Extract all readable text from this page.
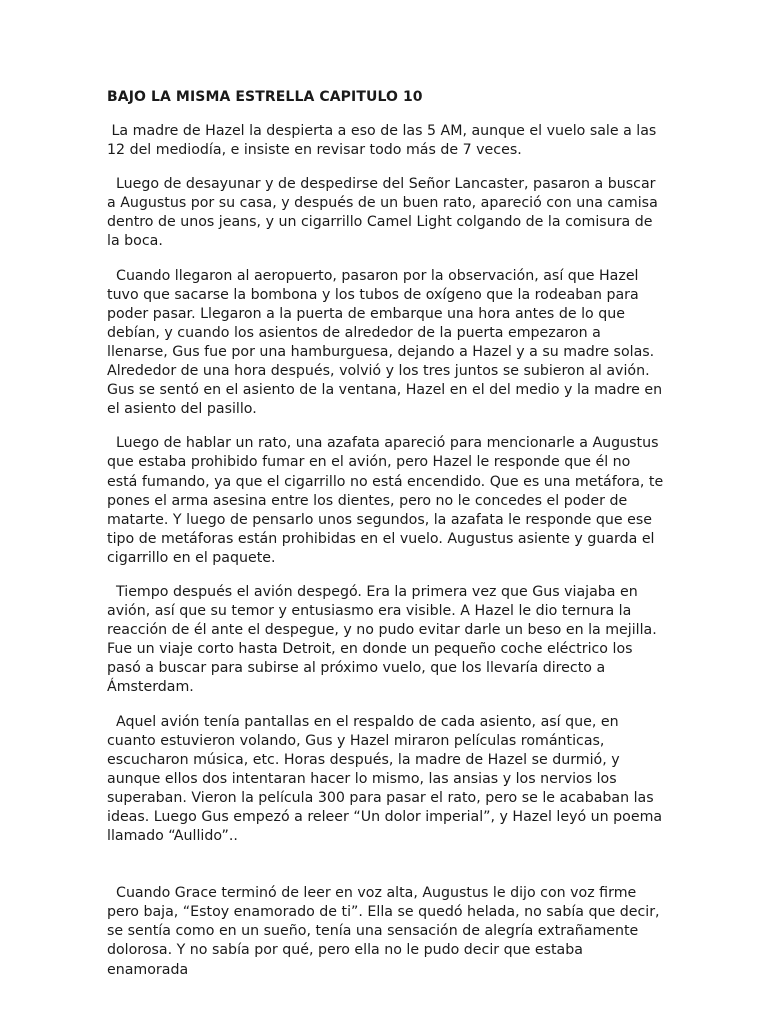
BAJO LA MISMA ESTRELLA CAPITULO 10

La madre de Hazel la despierta a eso de las 5 AM, aunque el vuelo sale a las 12 del mediodía, e insiste en revisar todo más de 7 veces.

Luego de desayunar y de despedirse del Señor Lancaster, pasaron a buscar a Augustus por su casa, y después de un buen rato, apareció con una camisa dentro de unos jeans, y un cigarrillo Camel Light colgando de la comisura de la boca.

Cuando llegaron al aeropuerto, pasaron por la observación, así que Hazel tuvo que sacarse la bombona y los tubos de oxígeno que la rodeaban para poder pasar. Llegaron a la puerta de embarque una hora antes de lo que debían, y cuando los asientos de alrededor de la puerta empezaron a llenarse, Gus fue por una hamburguesa, dejando a Hazel y a su madre solas. Alrededor de una hora después, volvió y los tres juntos se subieron al avión. Gus se sentó en el asiento de la ventana, Hazel en el del medio y la madre en el asiento del pasillo.

Luego de hablar un rato, una azafata apareció para mencionarle a Augustus que estaba prohibido fumar en el avión, pero Hazel le responde que él no está fumando, ya que el cigarrillo no está encendido. Que es una metáfora, te pones el arma asesina entre los dientes, pero no le concedes el poder de matarte. Y luego de pensarlo unos segundos, la azafata le responde que ese tipo de metáforas están prohibidas en el vuelo. Augustus asiente y guarda el cigarrillo en el paquete.

Tiempo después el avión despegó. Era la primera vez que Gus viajaba en avión, así que su temor y entusiasmo era visible. A Hazel le dio ternura la reacción de él ante el despegue, y no pudo evitar darle un beso en la mejilla. Fue un viaje corto hasta Detroit, en donde un pequeño coche eléctrico los pasó a buscar para subirse al próximo vuelo, que los llevaría directo a Ámsterdam.

Aquel avión tenía pantallas en el respaldo de cada asiento, así que, en cuanto estuvieron volando, Gus y Hazel miraron películas románticas, escucharon música, etc. Horas después, la madre de Hazel se durmió, y aunque ellos dos intentaran hacer lo mismo, las ansias y los nervios los superaban. Vieron la película 300 para pasar el rato, pero se le acababan las ideas. Luego Gus empezó a releer “Un dolor imperial”, y Hazel leyó un poema llamado “Aullido”..

Cuando Grace terminó de leer en voz alta, Augustus le dijo con voz firme pero baja, “Estoy enamorado de ti”. Ella se quedó helada, no sabía que decir, se sentía como en un sueño, tenía una sensación de alegría extrañamente dolorosa. Y no sabía por qué, pero ella no le pudo decir que estaba enamorada
